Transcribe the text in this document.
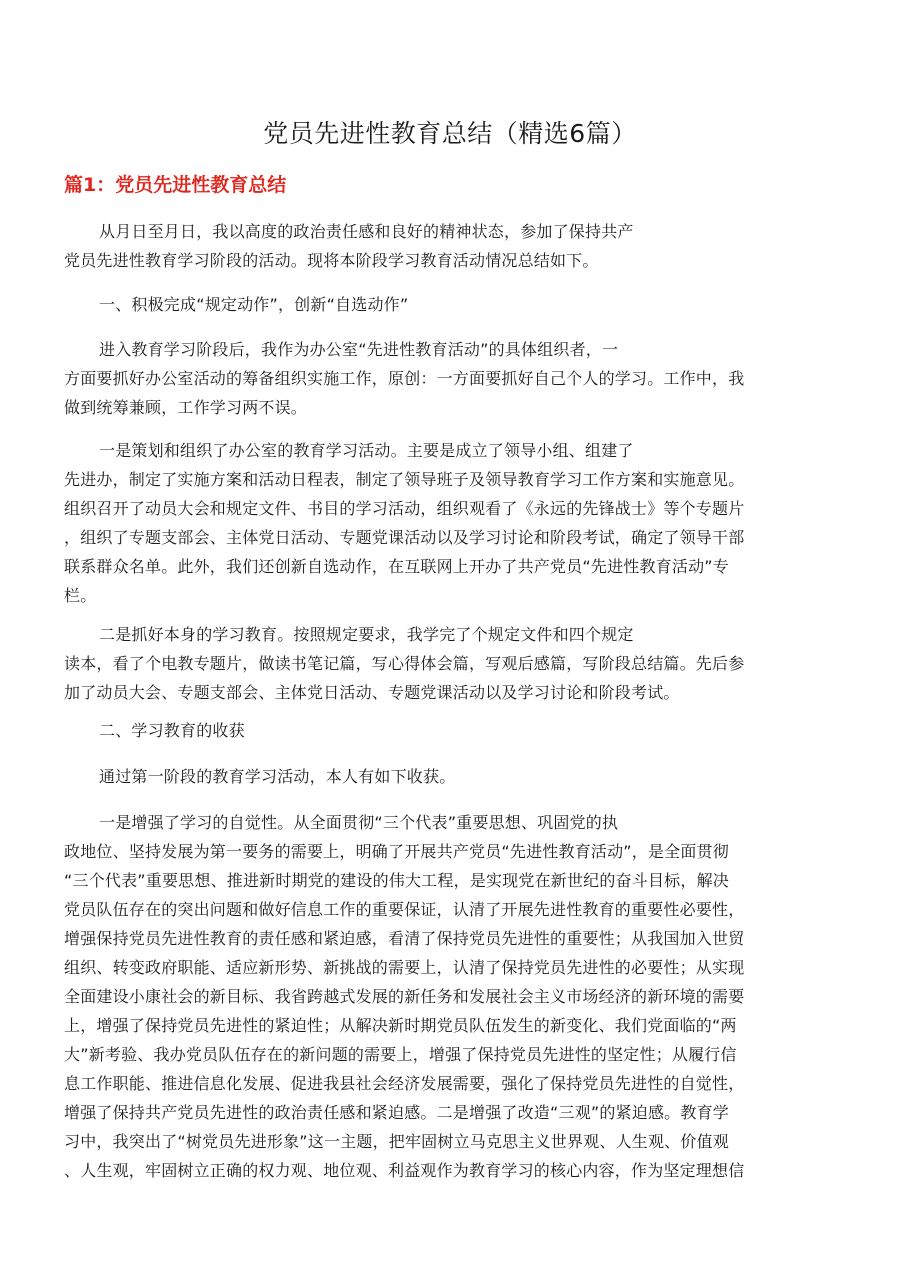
党员先进性教育总结（精选6篇）
篇1：党员先进性教育总结

从月日至月日，我以高度的政治责任感和良好的精神状态，参加了保持共产
党员先进性教育学习阶段的活动。现将本阶段学习教育活动情况总结如下。

一、积极完成“规定动作”，创新“自选动作”

进入教育学习阶段后，我作为办公室“先进性教育活动”的具体组织者，一
方面要抓好办公室活动的筹备组织实施工作，原创：一方面要抓好自己个人的学习。工作中，我
做到统筹兼顾，工作学习两不误。

一是策划和组织了办公室的教育学习活动。主要是成立了领导小组、组建了
先进办，制定了实施方案和活动日程表，制定了领导班子及领导教育学习工作方案和实施意见。
组织召开了动员大会和规定文件、书目的学习活动，组织观看了《永远的先锋战士》等个专题片
，组织了专题支部会、主体党日活动、专题党课活动以及学习讨论和阶段考试，确定了领导干部
联系群众名单。此外，我们还创新自选动作，在互联网上开办了共产党员“先进性教育活动”专
栏。

二是抓好本身的学习教育。按照规定要求，我学完了个规定文件和四个规定
读本，看了个电教专题片，做读书笔记篇，写心得体会篇，写观后感篇，写阶段总结篇。先后参
加了动员大会、专题支部会、主体党日活动、专题党课活动以及学习讨论和阶段考试。

二、学习教育的收获

通过第一阶段的教育学习活动，本人有如下收获。

一是增强了学习的自觉性。从全面贯彻“三个代表”重要思想、巩固党的执
政地位、坚持发展为第一要务的需要上，明确了开展共产党员“先进性教育活动”，是全面贯彻
“三个代表”重要思想、推进新时期党的建设的伟大工程，是实现党在新世纪的奋斗目标，解决
党员队伍存在的突出问题和做好信息工作的重要保证，认清了开展先进性教育的重要性必要性，
增强保持党员先进性教育的责任感和紧迫感，看清了保持党员先进性的重要性；从我国加入世贸
组织、转变政府职能、适应新形势、新挑战的需要上，认清了保持党员先进性的必要性；从实现
全面建设小康社会的新目标、我省跨越式发展的新任务和发展社会主义市场经济的新环境的需要
上，增强了保持党员先进性的紧迫性；从解决新时期党员队伍发生的新变化、我们党面临的“两
大”新考验、我办党员队伍存在的新问题的需要上，增强了保持党员先进性的坚定性；从履行信
息工作职能、推进信息化发展、促进我县社会经济发展需要，强化了保持党员先进性的自觉性，
增强了保持共产党员先进性的政治责任感和紧迫感。二是增强了改造“三观”的紧迫感。教育学
习中，我突出了“树党员先进形象”这一主题，把牢固树立马克思主义世界观、人生观、价值观
、人生观，牢固树立正确的权力观、地位观、利益观作为教育学习的核心内容，作为坚定理想信
